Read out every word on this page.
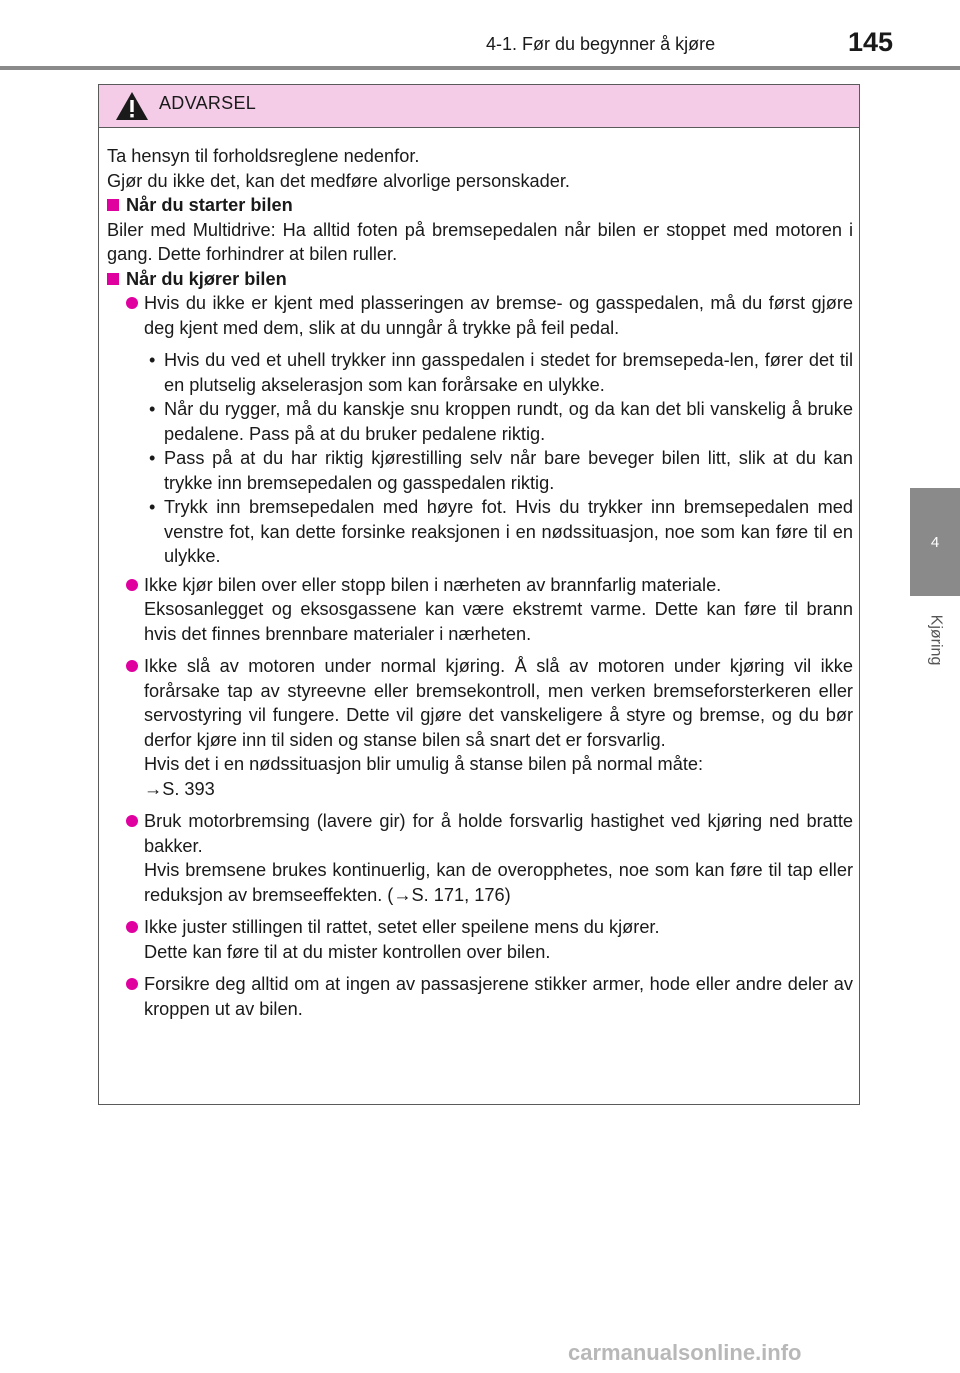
4-1. Før du begynner å kjøre	145
4
Kjøring
ADVARSEL

Ta hensyn til forholdsreglene nedenfor.

Gjør du ikke det, kan det medføre alvorlige personskader.

Når du starter bilen

Biler med Multidrive: Ha alltid foten på bremsepedalen når bilen er stoppet med motoren i gang. Dette forhindrer at bilen ruller.

Når du kjører bilen
Hvis du ikke er kjent med plasseringen av bremse- og gasspedalen, må du først gjøre deg kjent med dem, slik at du unngår å trykke på feil pedal.
• Hvis du ved et uhell trykker inn gasspedalen i stedet for bremsepeda-len, fører det til en plutselig akselerasjon som kan forårsake en ulykke.
• Når du rygger, må du kanskje snu kroppen rundt, og da kan det bli vanskelig å bruke pedalene. Pass på at du bruker pedalene riktig.
• Pass på at du har riktig kjørestilling selv når bare beveger bilen litt, slik at du kan trykke inn bremsepedalen og gasspedalen riktig.
• Trykk inn bremsepedalen med høyre fot. Hvis du trykker inn bremsepedalen med venstre fot, kan dette forsinke reaksjonen i en nødssituasjon, noe som kan føre til en ulykke.
Ikke kjør bilen over eller stopp bilen i nærheten av brannfarlig materiale.
Eksosanlegget og eksosgassene kan være ekstremt varme. Dette kan føre til brann hvis det finnes brennbare materialer i nærheten.
Ikke slå av motoren under normal kjøring. Å slå av motoren under kjøring vil ikke forårsake tap av styreevne eller bremsekontroll, men verken bremseforsterkeren eller servostyring vil fungere. Dette vil gjøre det vanskeligere å styre og bremse, og du bør derfor kjøre inn til siden og stanse bilen så snart det er forsvarlig.
Hvis det i en nødssituasjon blir umulig å stanse bilen på normal måte:
→S. 393
Bruk motorbremsing (lavere gir) for å holde forsvarlig hastighet ved kjøring ned bratte bakker.
Hvis bremsene brukes kontinuerlig, kan de overopphetes, noe som kan føre til tap eller reduksjon av bremseeffekten. (→S. 171, 176)
Ikke juster stillingen til rattet, setet eller speilene mens du kjører.
Dette kan føre til at du mister kontrollen over bilen.
Forsikre deg alltid om at ingen av passasjerene stikker armer, hode eller andre deler av kroppen ut av bilen.
carmanualsonline.info
